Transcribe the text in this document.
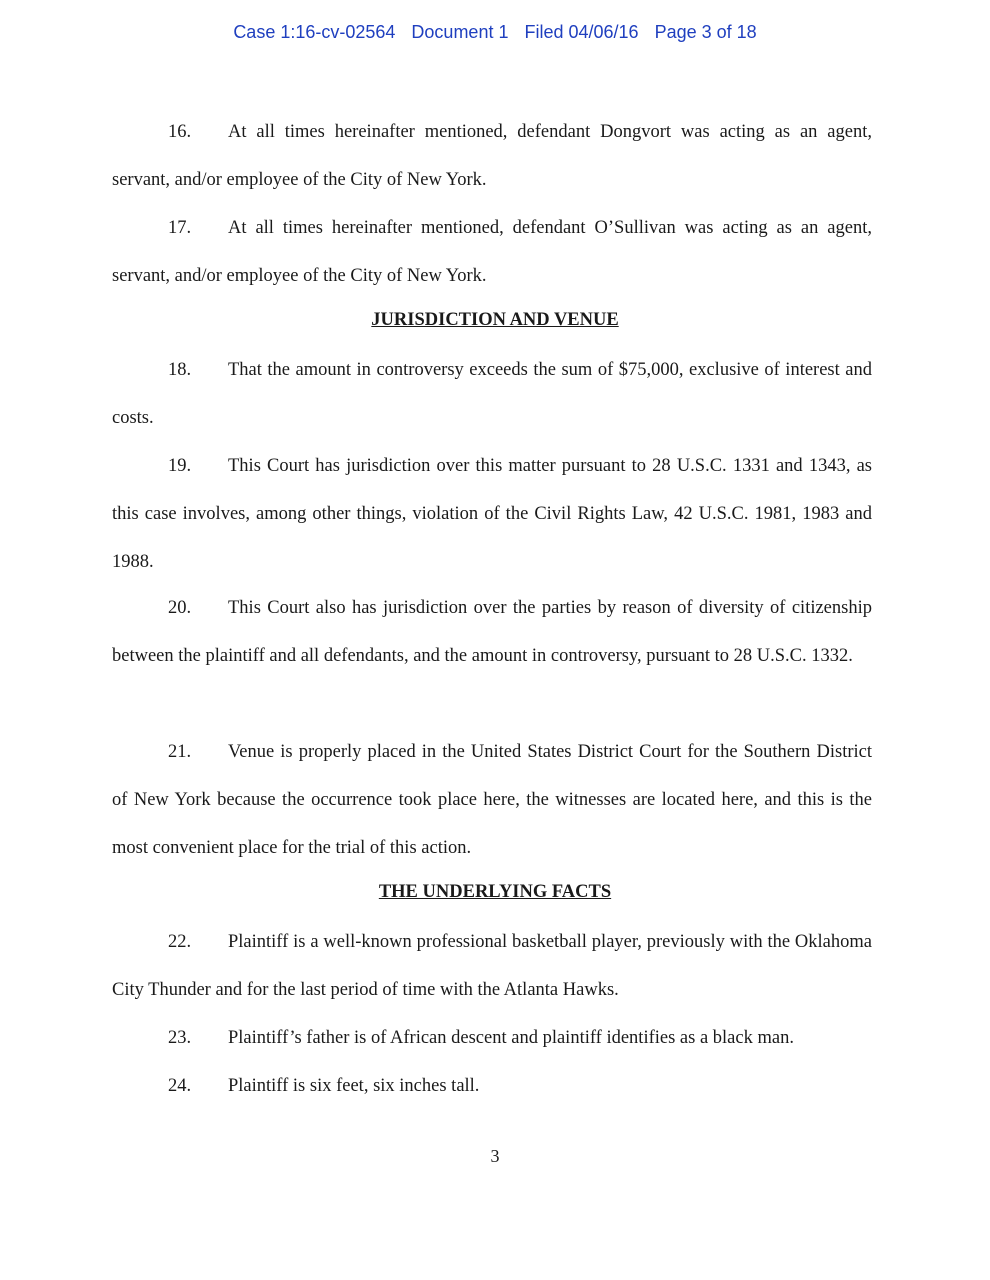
Case 1:16-cv-02564 Document 1 Filed 04/06/16 Page 3 of 18
16. At all times hereinafter mentioned, defendant Dongvort was acting as an agent, servant, and/or employee of the City of New York.
17. At all times hereinafter mentioned, defendant O’Sullivan was acting as an agent, servant, and/or employee of the City of New York.
JURISDICTION AND VENUE
18. That the amount in controversy exceeds the sum of $75,000, exclusive of interest and costs.
19. This Court has jurisdiction over this matter pursuant to 28 U.S.C. 1331 and 1343, as this case involves, among other things, violation of the Civil Rights Law, 42 U.S.C. 1981, 1983 and 1988.
20. This Court also has jurisdiction over the parties by reason of diversity of citizenship between the plaintiff and all defendants, and the amount in controversy, pursuant to 28 U.S.C. 1332.
21. Venue is properly placed in the United States District Court for the Southern District of New York because the occurrence took place here, the witnesses are located here, and this is the most convenient place for the trial of this action.
THE UNDERLYING FACTS
22. Plaintiff is a well-known professional basketball player, previously with the Oklahoma City Thunder and for the last period of time with the Atlanta Hawks.
23. Plaintiff’s father is of African descent and plaintiff identifies as a black man.
24. Plaintiff is six feet, six inches tall.
3
